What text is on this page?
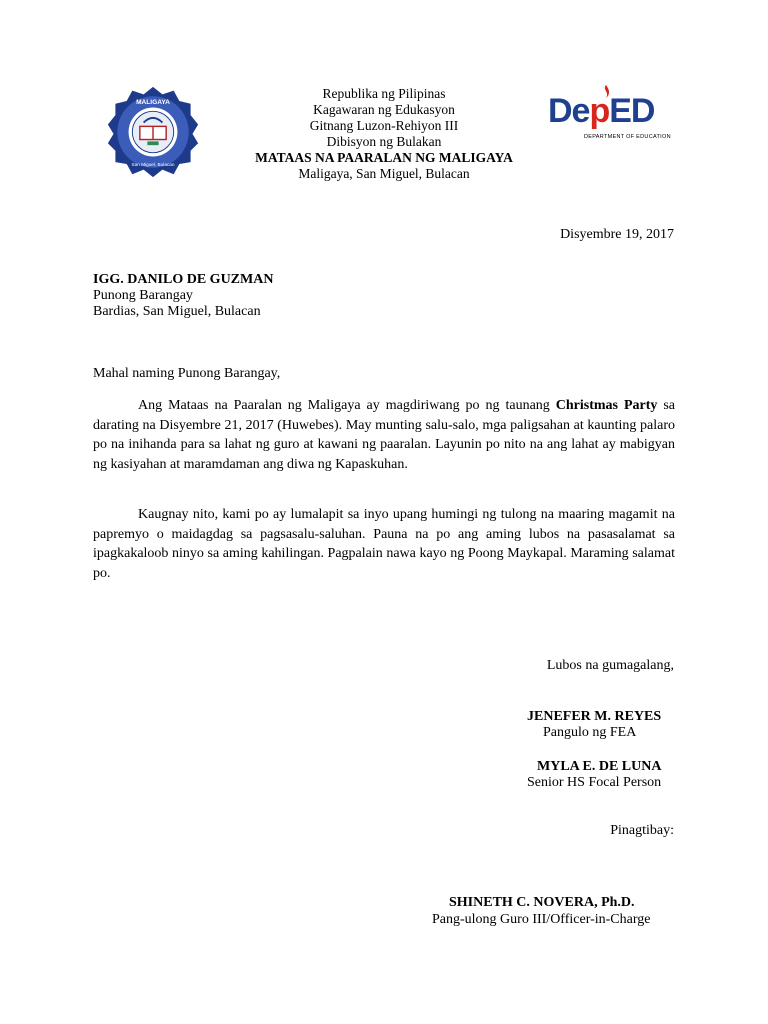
MALIGAYA
San Miguel, Bulacan
Republika ng Pilipinas
Kagawaran ng Edukasyon
Gitnang Luzon-Rehiyon III
Dibisyon ng Bulakan
MATAAS NA PAARALAN NG MALIGAYA
Maligaya, San Miguel, Bulacan
DepED
DEPARTMENT OF EDUCATION
Disyembre 19, 2017
IGG. DANILO DE GUZMAN
Punong Barangay
Bardias, San Miguel, Bulacan
Mahal naming Punong Barangay,
Ang Mataas na Paaralan ng Maligaya ay magdiriwang po ng taunang Christmas Party sa darating na Disyembre 21, 2017 (Huwebes). May munting salu-salo, mga paligsahan at kaunting palaro po na inihanda para sa lahat ng guro at kawani ng paaralan. Layunin po nito na ang lahat ay mabigyan ng kasiyahan at maramdaman ang diwa ng Kapaskuhan.
Kaugnay nito, kami po ay lumalapit sa inyo upang humingi ng tulong na maaring magamit na papremyo o maidagdag sa pagsasalu-saluhan. Pauna na po ang aming lubos na pasasalamat sa ipagkakaloob ninyo sa aming kahilingan. Pagpalain nawa kayo ng Poong Maykapal. Maraming salamat po.
Lubos na gumagalang,
JENEFER M. REYES
Pangulo ng FEA
MYLA E. DE LUNA
Senior HS Focal Person
Pinagtibay:
SHINETH C. NOVERA, Ph.D.
Pang-ulong Guro III/Officer-in-Charge
